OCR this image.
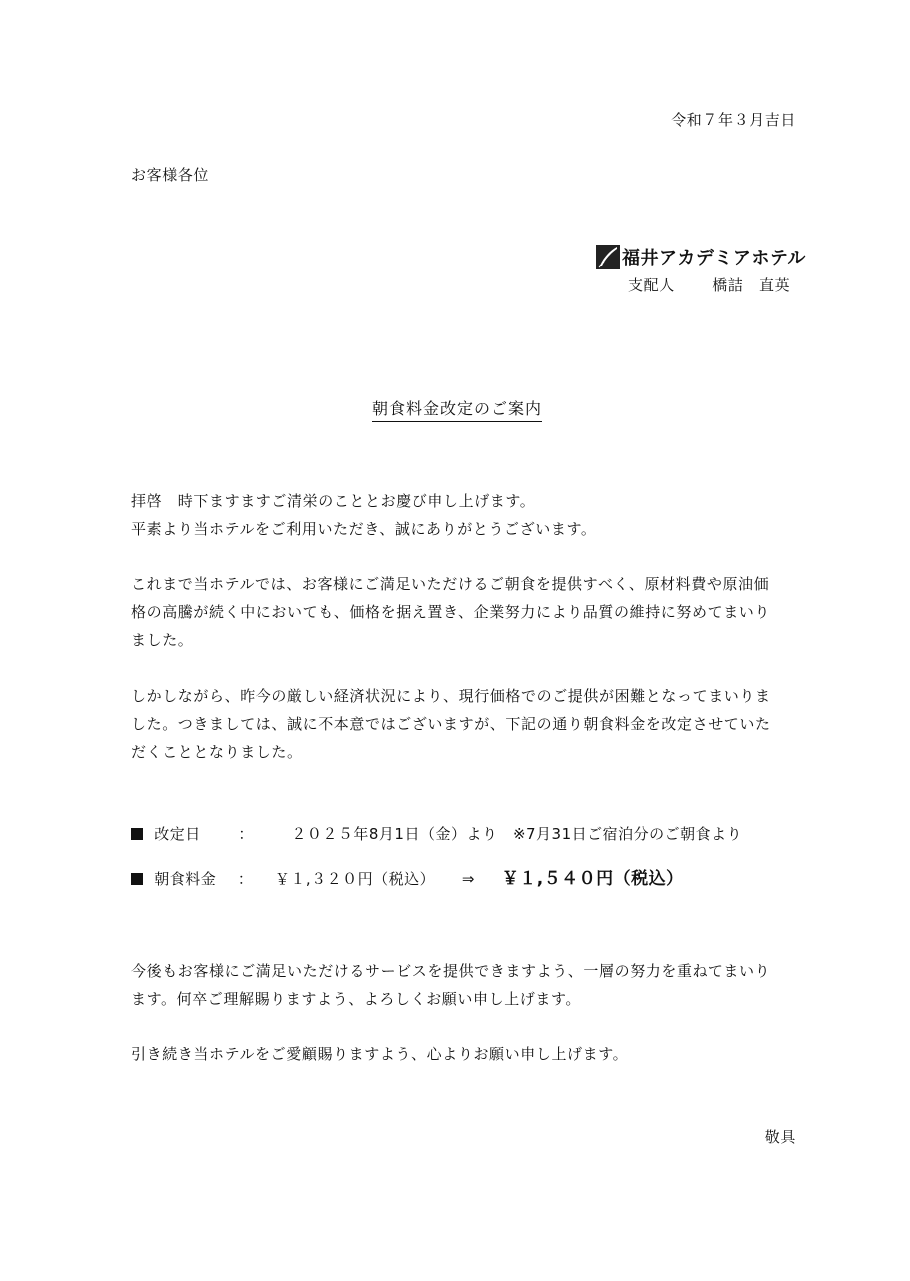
令和７年３月吉日
お客様各位
福井アカデミアホテル
支配人 橋詰　直英
朝食料金改定のご案内

拝啓　時下ますますご清栄のこととお慶び申し上げます。

平素より当ホテルをご利用いただき、誠にありがとうございます。

これまで当ホテルでは、お客様にご満足いただけるご朝食を提供すべく、原材料費や原油価

格の高騰が続く中においても、価格を据え置き、企業努力により品質の維持に努めてまいり

ました。

しかしながら、昨今の厳しい経済状況により、現行価格でのご提供が困難となってまいりま

した。つきましては、誠に不本意ではございますが、下記の通り朝食料金を改定させていた

だくこととなりました。

改定日	：	２０２５年8月1日（金）より　※7月31日ご宿泊分のご朝食より
朝食料金 ： ￥１,３２０円（税込） ⇒ ￥１,５４０円（税込）

今後もお客様にご満足いただけるサービスを提供できますよう、一層の努力を重ねてまいり

ます。何卒ご理解賜りますよう、よろしくお願い申し上げます。

引き続き当ホテルをご愛顧賜りますよう、心よりお願い申し上げます。

敬具
